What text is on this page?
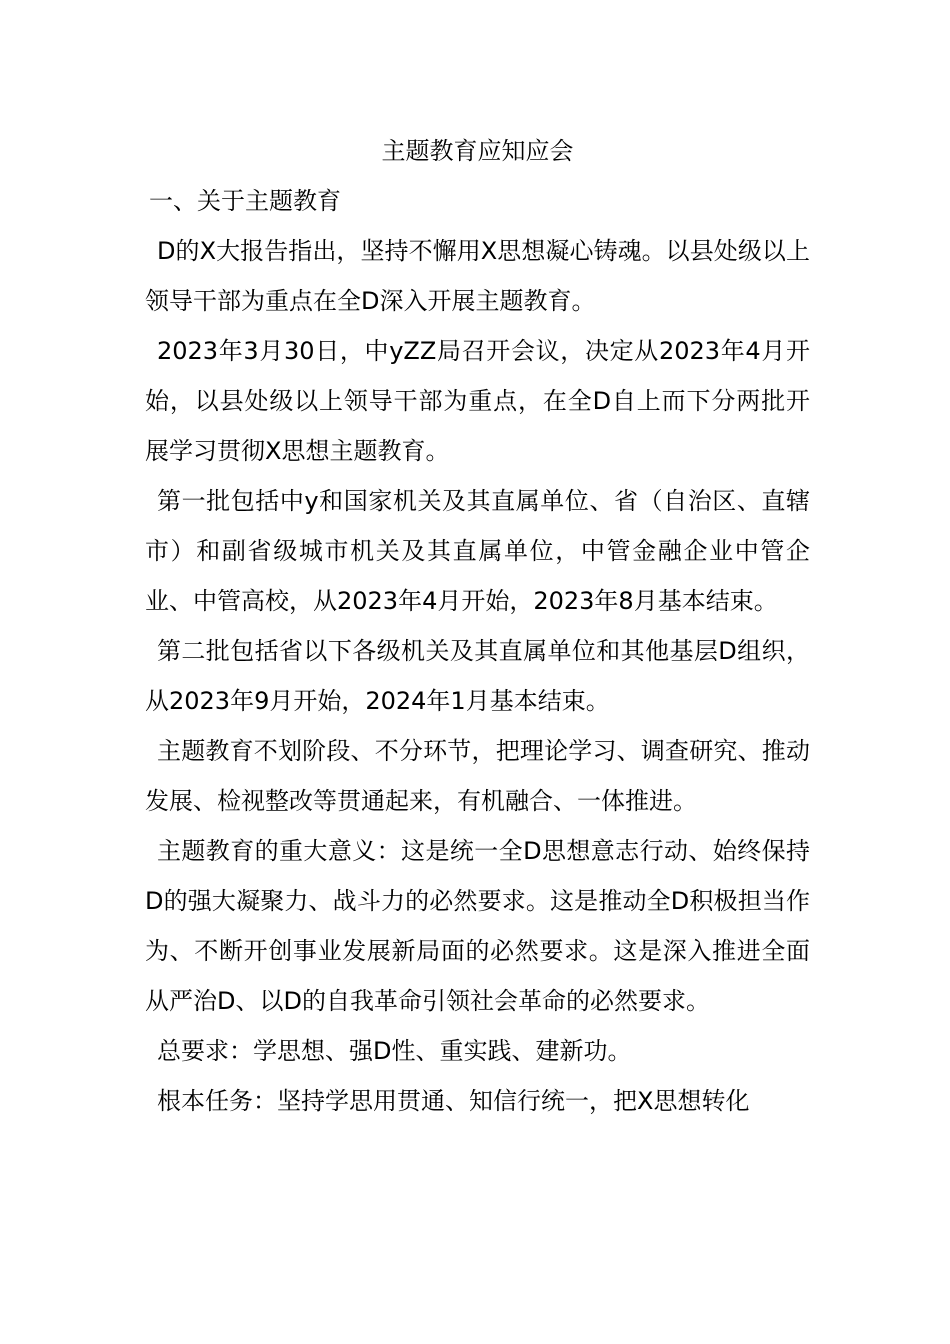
主题教育应知应会
一、关于主题教育

D的X大报告指出，坚持不懈用X思想凝心铸魂。以县处级以上领导干部为重点在全D深入开展主题教育。

2023年3月30日，中yZZ局召开会议，决定从2023年4月开始，以县处级以上领导干部为重点，在全D自上而下分两批开展学习贯彻X思想主题教育。

第一批包括中y和国家机关及其直属单位、省（自治区、直辖市）和副省级城市机关及其直属单位，中管金融企业中管企业、中管高校，从2023年4月开始，2023年8月基本结束。

第二批包括省以下各级机关及其直属单位和其他基层D组织，从2023年9月开始，2024年1月基本结束。

主题教育不划阶段、不分环节，把理论学习、调查研究、推动发展、检视整改等贯通起来，有机融合、一体推进。

主题教育的重大意义：这是统一全D思想意志行动、始终保持D的强大凝聚力、战斗力的必然要求。这是推动全D积极担当作为、不断开创事业发展新局面的必然要求。这是深入推进全面从严治D、以D的自我革命引领社会革命的必然要求。

总要求：学思想、强D性、重实践、建新功。

根本任务：坚持学思用贯通、知信行统一，把X思想转化
